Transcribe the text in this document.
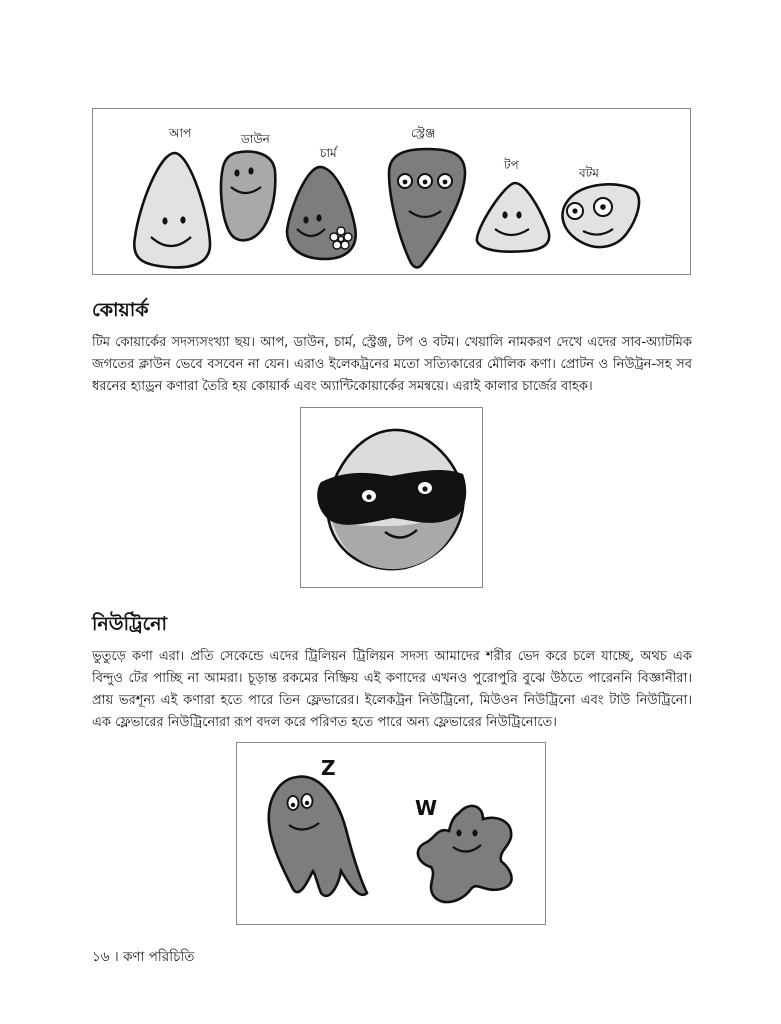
আপ	ডাউন
চার্ম
স্ট্রেঞ্জ
টপ
বটম
কোয়ার্ক

টিম কোয়ার্কের সদস্যসংখ্যা ছয়। আপ, ডাউন, চার্ম, স্ট্রেঞ্জ, টপ ও বটম। খেয়ালি নামকরণ দেখে এদের সাব-অ্যাটমিক জগতের ক্লাউন ভেবে বসবেন না যেন। এরাও ইলেকট্রনের মতো সত্যিকারের মৌলিক কণা। প্রোটন ও নিউট্রন-সহ সব ধরনের হ্যাড্রন কণারা তৈরি হয় কোয়ার্ক এবং অ্যান্টিকোয়ার্কের সমন্বয়ে। এরাই কালার চার্জের বাহক।

নিউট্রিনো

ভুতুড়ে কণা এরা। প্রতি সেকেন্ডে এদের ট্রিলিয়ন ট্রিলিয়ন সদস্য আমাদের শরীর ভেদ করে চলে যাচ্ছে, অথচ এক বিন্দুও টের পাচ্ছি না আমরা। চূড়ান্ত রকমের নিষ্ক্রিয় এই কণাদের এখনও পুরোপুরি বুঝে উঠতে পারেননি বিজ্ঞানীরা। প্রায় ভরশূন্য এই কণারা হতে পারে তিন ফ্লেভারের। ইলেকট্রন নিউট্রিনো, মিউওন নিউট্রিনো এবং টাউ নিউট্রিনো। এক ফ্লেভারের নিউট্রিনোরা রূপ বদল করে পরিণত হতে পারে অন্য ফ্লেভারের নিউট্রিনোতে।

Z
W
১৬ । কণা পরিচিতি
